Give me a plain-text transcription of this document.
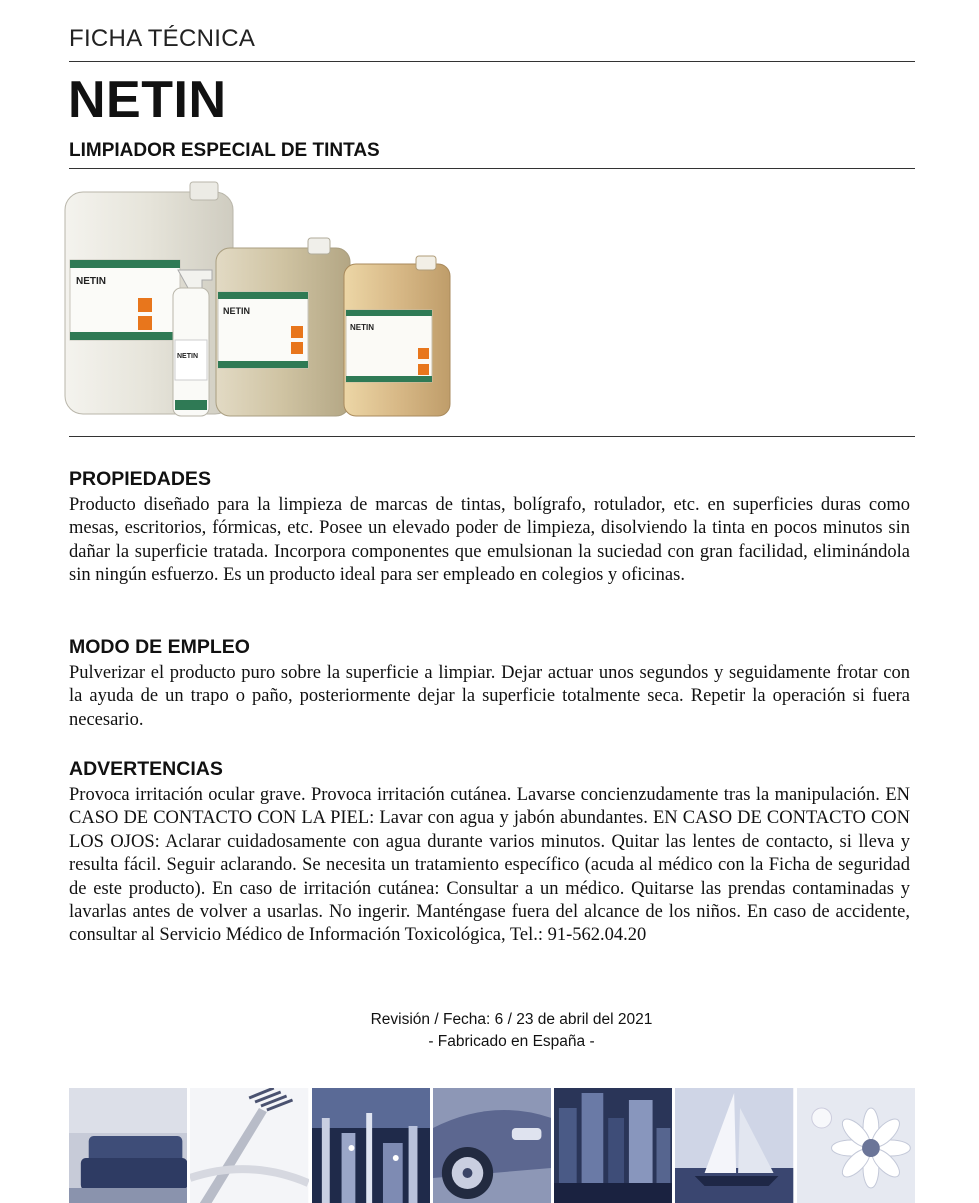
FICHA TÉCNICA
NETIN
LIMPIADOR ESPECIAL DE TINTAS
NETIN
NETIN
NETIN
NETIN
PROPIEDADES

Producto diseñado para la limpieza de marcas de tintas, bolígrafo, rotulador, etc. en superficies duras como mesas, escritorios, fórmicas, etc. Posee un elevado poder de limpieza, disolviendo la tinta en pocos minutos sin dañar la superficie tratada. Incorpora componentes que emulsionan la suciedad con gran facilidad, eliminándola sin ningún esfuerzo. Es un producto ideal para ser empleado en colegios y oficinas.

MODO DE EMPLEO

Pulverizar el producto puro sobre la superficie a limpiar. Dejar actuar unos segundos y seguidamente frotar con la ayuda de un trapo o paño, posteriormente dejar la superficie totalmente seca. Repetir la operación si fuera necesario.

ADVERTENCIAS

Provoca irritación ocular grave. Provoca irritación cutánea. Lavarse concienzudamente tras la manipulación. EN CASO DE CONTACTO CON LA PIEL: Lavar con agua y jabón abundantes. EN CASO DE CONTACTO CON LOS OJOS: Aclarar cuidadosamente con agua durante varios minutos. Quitar las lentes de contacto, si lleva y resulta fácil. Seguir aclarando. Se necesita un tratamiento específico (acuda al médico con la Ficha de seguridad de este producto). En caso de irritación cutánea: Consultar a un médico. Quitarse las prendas contaminadas y lavarlas antes de volver a usarlas. No ingerir. Manténgase fuera del alcance de los niños. En caso de accidente, consultar al Servicio Médico de Información Toxicológica, Tel.: 91-562.04.20

Revisión / Fecha: 6 / 23 de abril del 2021
- Fabricado en España -
